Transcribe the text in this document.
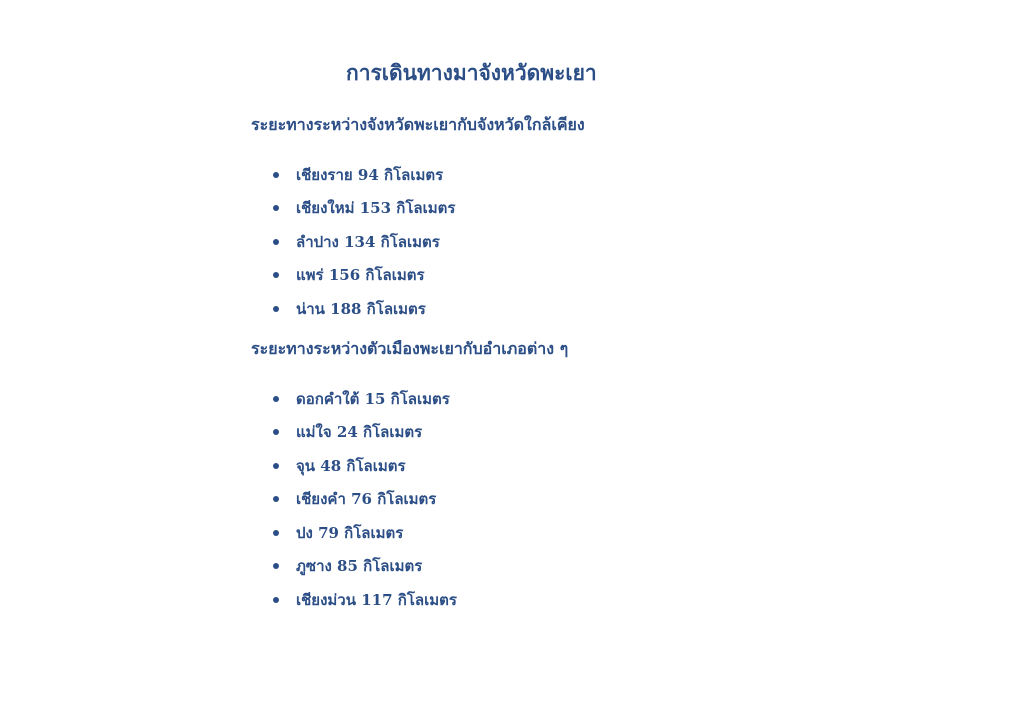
การเดินทางมาจังหวัดพะเยา
ระยะทางระหว่างจังหวัดพะเยากับจังหวัดใกล้เคียง
เชียงราย 94 กิโลเมตร
เชียงใหม่ 153 กิโลเมตร
ลำปาง 134 กิโลเมตร
แพร่ 156 กิโลเมตร
น่าน 188 กิโลเมตร
ระยะทางระหว่างตัวเมืองพะเยากับอำเภอต่าง ๆ
ดอกคำใต้ 15 กิโลเมตร
แม่ใจ 24 กิโลเมตร
จุน 48 กิโลเมตร
เชียงคำ 76 กิโลเมตร
ปง 79 กิโลเมตร
ภูซาง 85 กิโลเมตร
เชียงม่วน 117 กิโลเมตร
